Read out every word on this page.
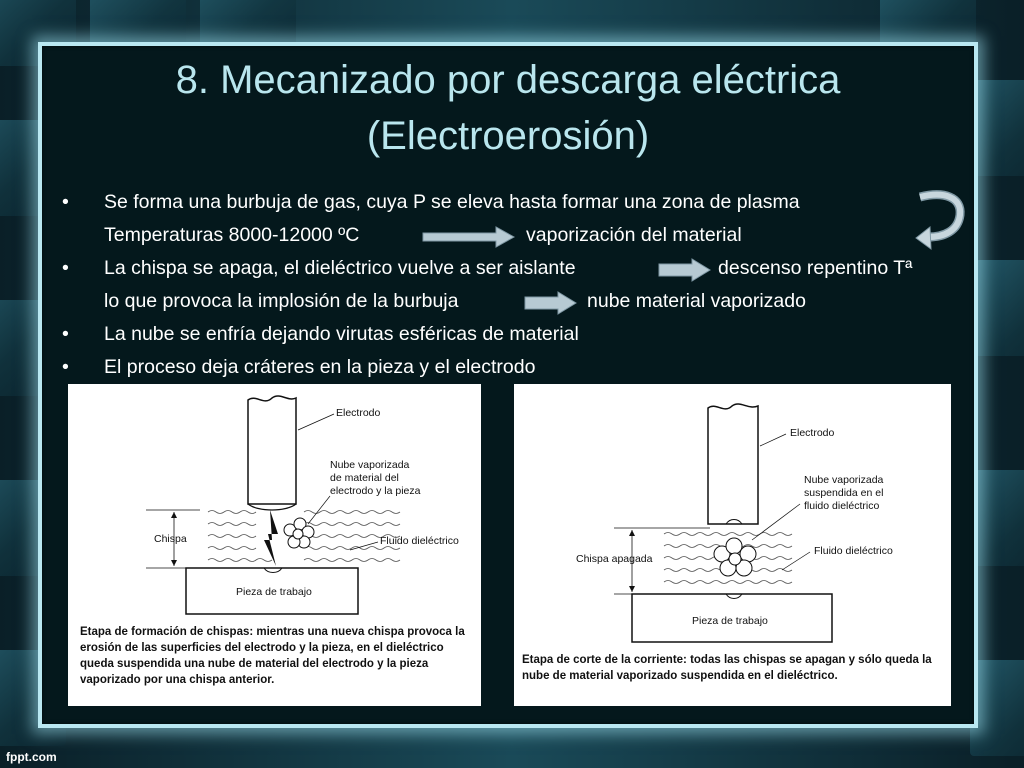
8. Mecanizado por descarga eléctrica
(Electroerosión)
• Se forma una burbuja de gas, cuya P se eleva hasta formar una zona de plasma
Temperaturas 8000-12000 ºC	vaporización del material
• La chispa se apaga, el dieléctrico vuelve a ser aislante	descenso repentino Tª
lo que provoca la implosión de la burbuja	nube material vaporizado
• La nube se enfría dejando virutas esféricas de material
• El proceso deja cráteres en la pieza y el electrodo
Chispa
Electrodo
Nube vaporizada
de material del
electrodo y la pieza
Fluido dieléctrico
Pieza de trabajo
Etapa de formación de chispas: mientras una nueva chispa provoca la erosión de las superficies del electrodo y la pieza, en el dieléctrico queda suspendida una nube de material del electrodo y la pieza vaporizado por una chispa anterior.
Chispa apagada
Electrodo
Nube vaporizada
suspendida en el
fluido dieléctrico
Fluido dieléctrico
Pieza de trabajo
Etapa de corte de la corriente: todas las chispas se apagan y sólo queda la nube de material vaporizado suspendida en el dieléctrico.
fppt.com
